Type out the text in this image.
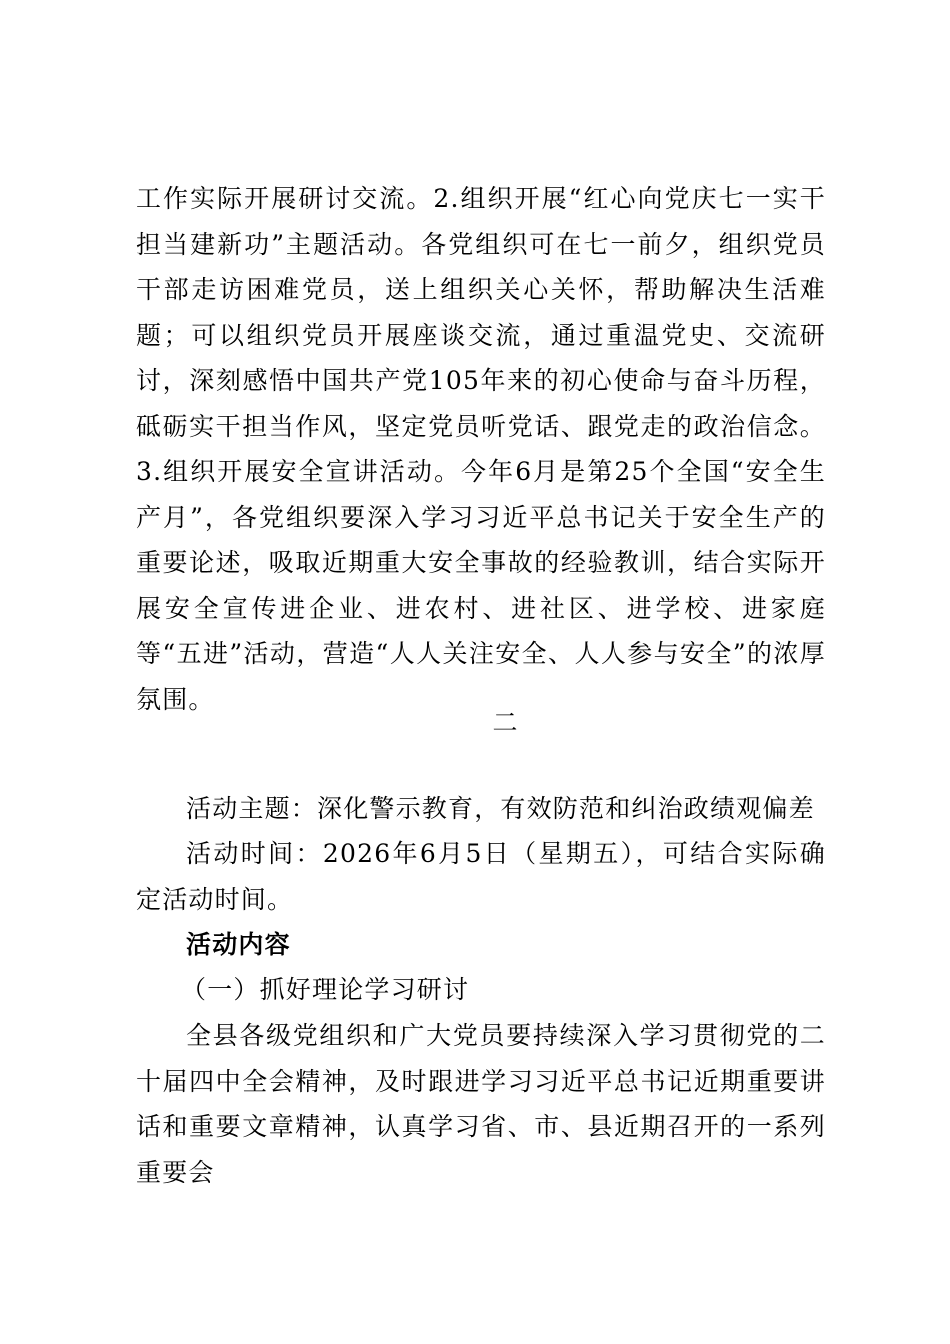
工作实际开展研讨交流。2.组织开展“红心向党庆七一实干担当建新功”主题活动。各党组织可在七一前夕，组织党员干部走访困难党员，送上组织关心关怀，帮助解决生活难题；可以组织党员开展座谈交流，通过重温党史、交流研讨，深刻感悟中国共产党105年来的初心使命与奋斗历程，砥砺实干担当作风，坚定党员听党话、跟党走的政治信念。3.组织开展安全宣讲活动。今年6月是第25个全国“安全生产月”，各党组织要深入学习习近平总书记关于安全生产的重要论述，吸取近期重大安全事故的经验教训，结合实际开展安全宣传进企业、进农村、进社区、进学校、进家庭等“五进”活动，营造“人人关注安全、人人参与安全”的浓厚氛围。

二

活动主题：深化警示教育，有效防范和纠治政绩观偏差

活动时间：2026年6月5日（星期五），可结合实际确定活动时间。

活动内容

（一）抓好理论学习研讨

全县各级党组织和广大党员要持续深入学习贯彻党的二十届四中全会精神，及时跟进学习习近平总书记近期重要讲话和重要文章精神，认真学习省、市、县近期召开的一系列重要会
